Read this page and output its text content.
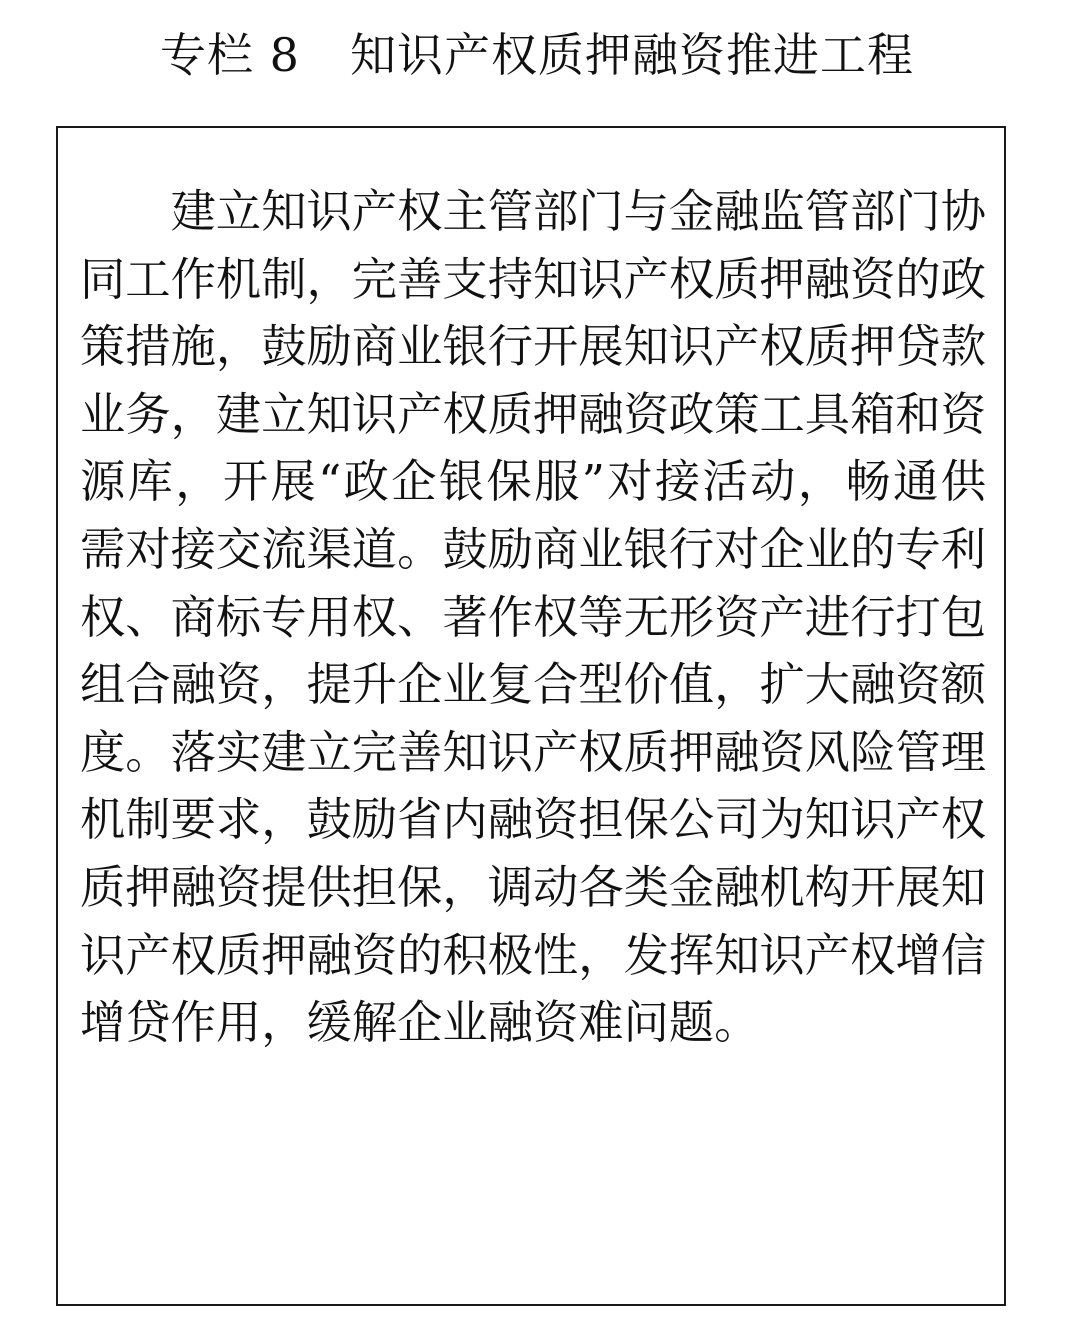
专栏 8 知识产权质押融资推进工程

建立知识产权主管部门与金融监管部门协同工作机制，完善支持知识产权质押融资的政策措施，鼓励商业银行开展知识产权质押贷款业务，建立知识产权质押融资政策工具箱和资源库，开展“政企银保服”对接活动，畅通供需对接交流渠道。鼓励商业银行对企业的专利权、商标专用权、著作权等无形资产进行打包组合融资，提升企业复合型价值，扩大融资额度。落实建立完善知识产权质押融资风险管理机制要求，鼓励省内融资担保公司为知识产权质押融资提供担保，调动各类金融机构开展知识产权质押融资的积极性，发挥知识产权增信增贷作用，缓解企业融资难问题。
